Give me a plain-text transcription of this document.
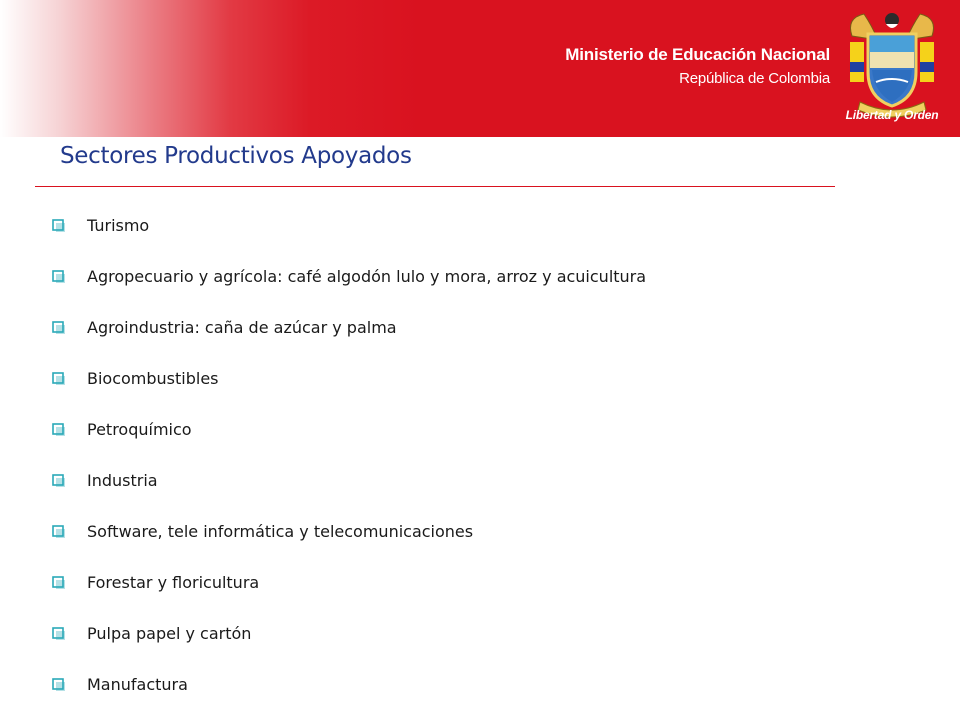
Ministerio de Educación Nacional
República de Colombia
Libertad y Orden
Sectores Productivos Apoyados
Turismo
Agropecuario y agrícola: café algodón lulo y mora, arroz y acuicultura
Agroindustria: caña de azúcar y palma
Biocombustibles
Petroquímico
Industria
Software, tele informática y telecomunicaciones
Forestar y floricultura
Pulpa papel y cartón
Manufactura
